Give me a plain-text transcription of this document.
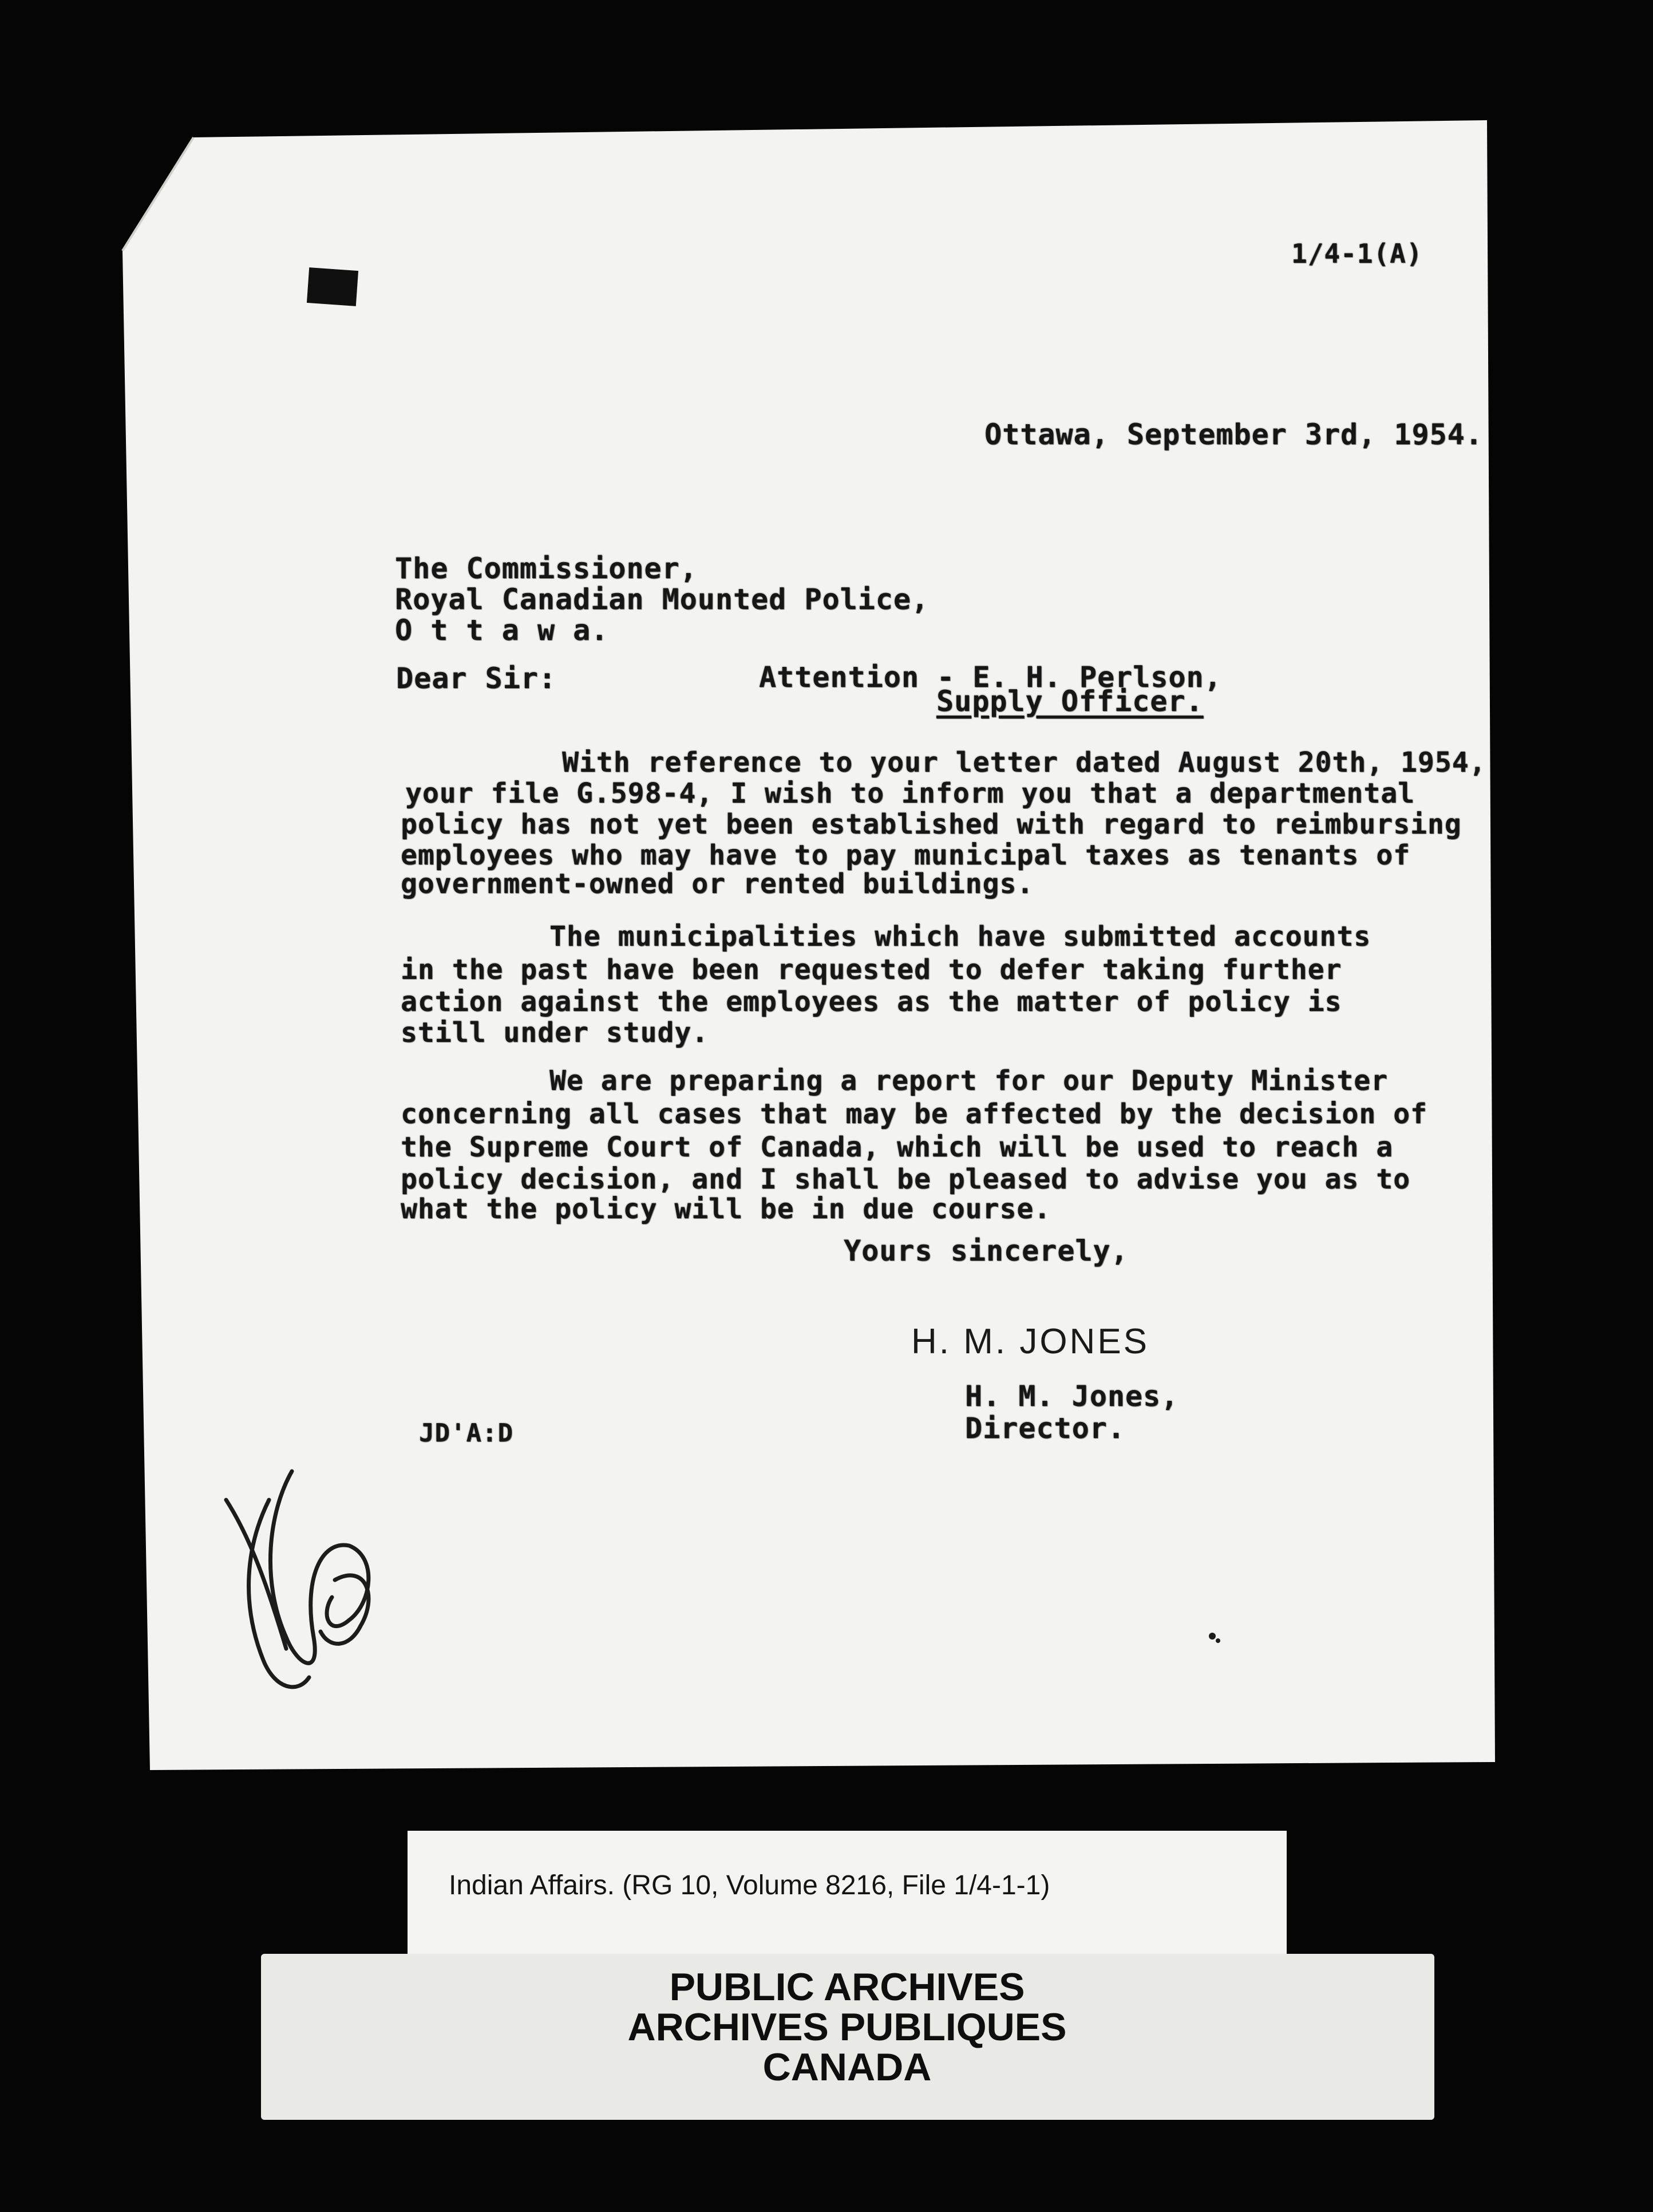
1/4-1(A)
Ottawa, September 3rd, 1954.
The Commissioner,
Royal Canadian Mounted Police,
O t t a w a.
Dear Sir:	Attention - E. H. Perlson,
Supply Officer.
With reference to your letter dated August 20th, 1954,
your file G.598-4, I wish to inform you that a departmental
policy has not yet been established with regard to reimbursing
employees who may have to pay municipal taxes as tenants of
government-owned or rented buildings.
The municipalities which have submitted accounts
in the past have been requested to defer taking further
action against the employees as the matter of policy is
still under study.
We are preparing a report for our Deputy Minister
concerning all cases that may be affected by the decision of
the Supreme Court of Canada, which will be used to reach a
policy decision, and I shall be pleased to advise you as to
what the policy will be in due course.
Yours sincerely,
H. M. JONES
H. M. Jones,
Director.
JD'A:D
Indian Affairs. (RG 10, Volume 8216, File 1/4-1-1)
PUBLIC ARCHIVES
ARCHIVES PUBLIQUES
CANADA
